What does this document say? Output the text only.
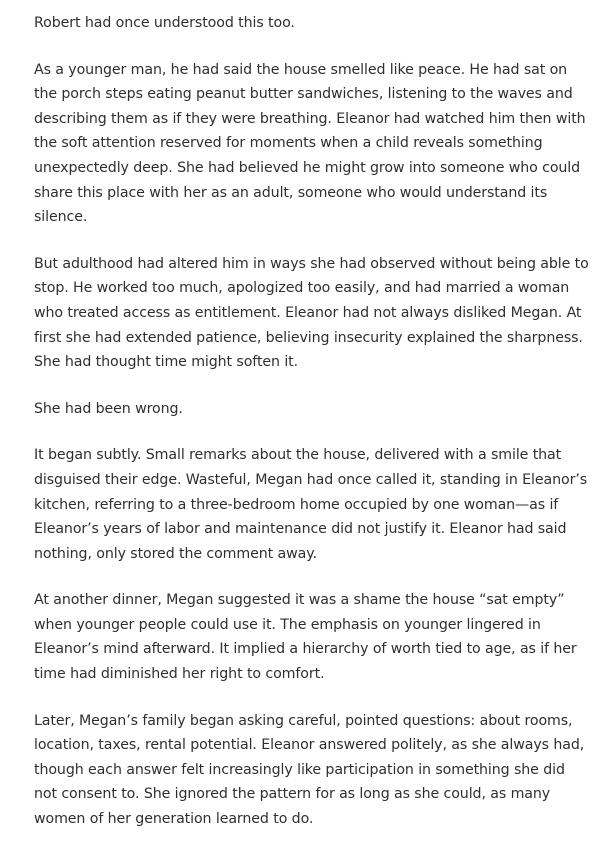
Robert had once understood this too.

As a younger man, he had said the house smelled like peace. He had sat on the porch steps eating peanut butter sandwiches, listening to the waves and describing them as if they were breathing. Eleanor had watched him then with the soft attention reserved for moments when a child reveals something unexpectedly deep. She had believed he might grow into someone who could share this place with her as an adult, someone who would understand its silence.

But adulthood had altered him in ways she had observed without being able to stop. He worked too much, apologized too easily, and had married a woman who treated access as entitlement. Eleanor had not always disliked Megan. At first she had extended patience, believing insecurity explained the sharpness. She had thought time might soften it.

She had been wrong.

It began subtly. Small remarks about the house, delivered with a smile that disguised their edge. Wasteful, Megan had once called it, standing in Eleanor’s kitchen, referring to a three-bedroom home occupied by one woman—as if Eleanor’s years of labor and maintenance did not justify it. Eleanor had said nothing, only stored the comment away.

At another dinner, Megan suggested it was a shame the house “sat empty” when younger people could use it. The emphasis on younger lingered in Eleanor’s mind afterward. It implied a hierarchy of worth tied to age, as if her time had diminished her right to comfort.

Later, Megan’s family began asking careful, pointed questions: about rooms, location, taxes, rental potential. Eleanor answered politely, as she always had, though each answer felt increasingly like participation in something she did not consent to. She ignored the pattern for as long as she could, as many women of her generation learned to do.
